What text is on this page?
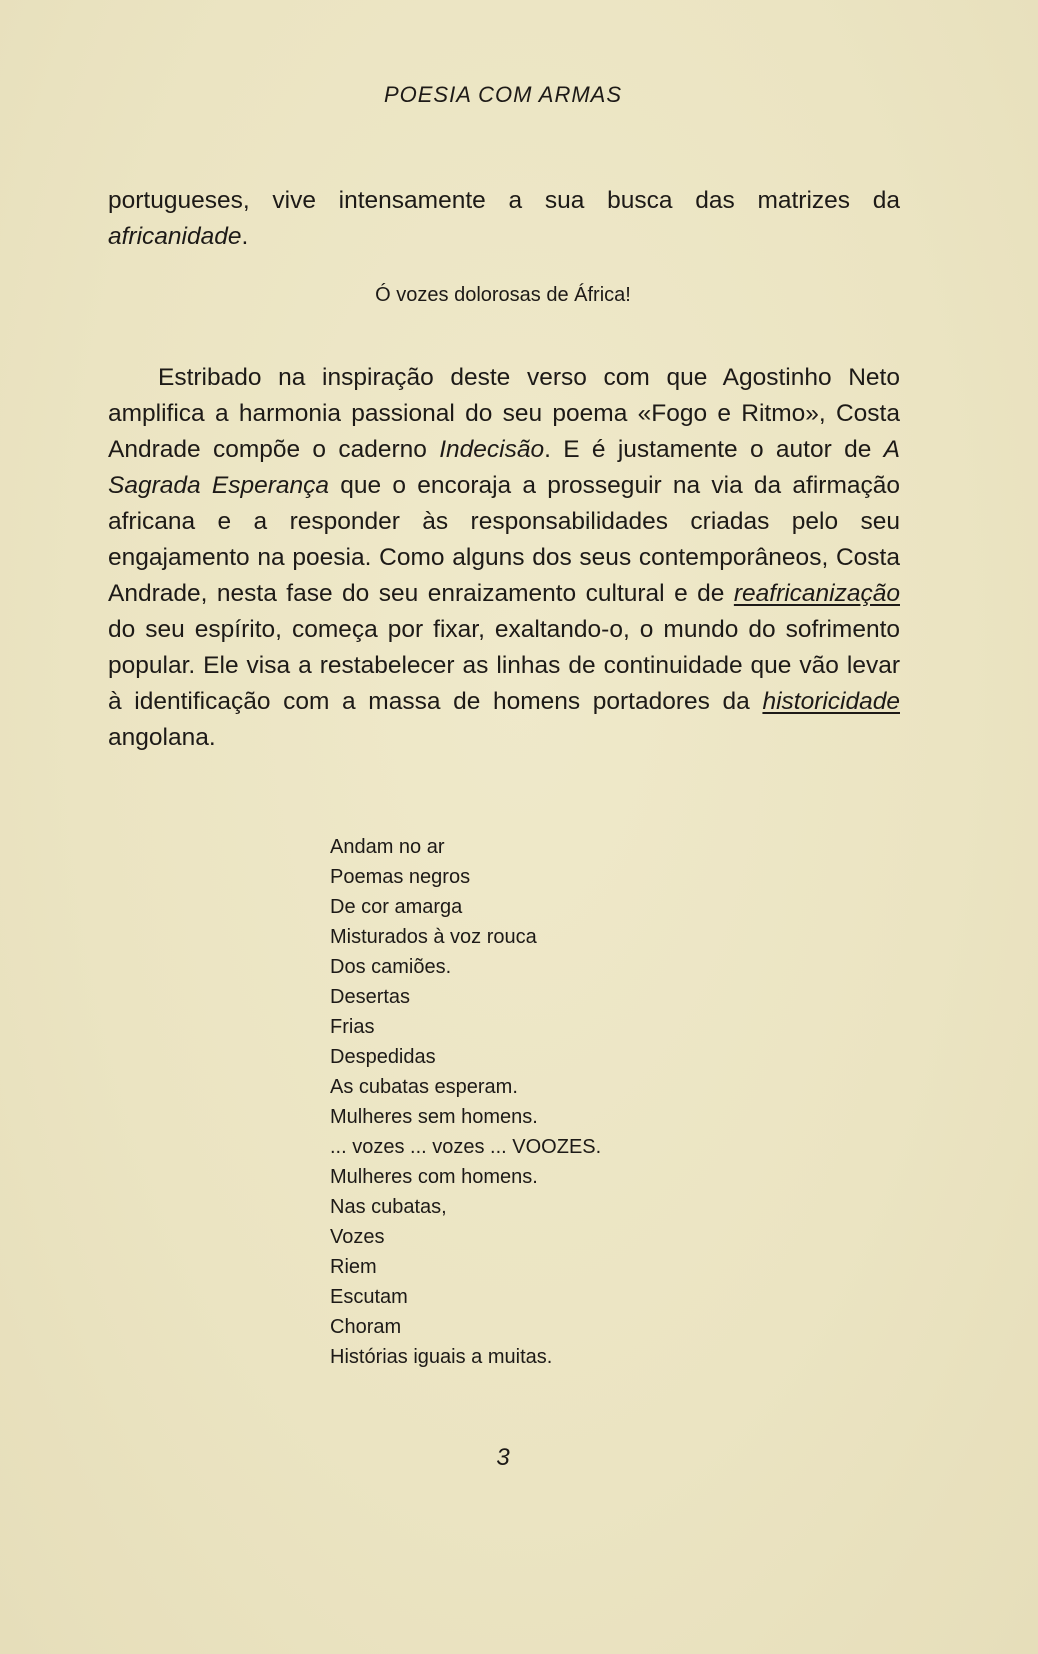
POESIA COM ARMAS

portugueses, vive intensamente a sua busca das matrizes da africanidade.

Ó vozes dolorosas de África!

Estribado na inspiração deste verso com que Agostinho Neto amplifica a harmonia passional do seu poema «Fogo e Ritmo», Costa Andrade compõe o caderno Indecisão. E é justamente o autor de A Sagrada Esperança que o encoraja a prosseguir na via da afirmação africana e a responder às responsabilidades criadas pelo seu engajamento na poesia. Como alguns dos seus contemporâneos, Costa Andrade, nesta fase do seu enraizamento cultural e de reafricanização do seu espírito, começa por fixar, exaltando-o, o mundo do sofrimento popular. Ele visa a restabelecer as linhas de continuidade que vão levar à identificação com a massa de homens portadores da historicidade angolana.

Andam no ar
Poemas negros
De cor amarga
Misturados à voz rouca
Dos camiões.
Desertas
Frias
Despedidas
As cubatas esperam.
Mulheres sem homens.
... vozes ... vozes ... VOOZES.
Mulheres com homens.
Nas cubatas,
Vozes
Riem
Escutam
Choram
Histórias iguais a muitas.
3
